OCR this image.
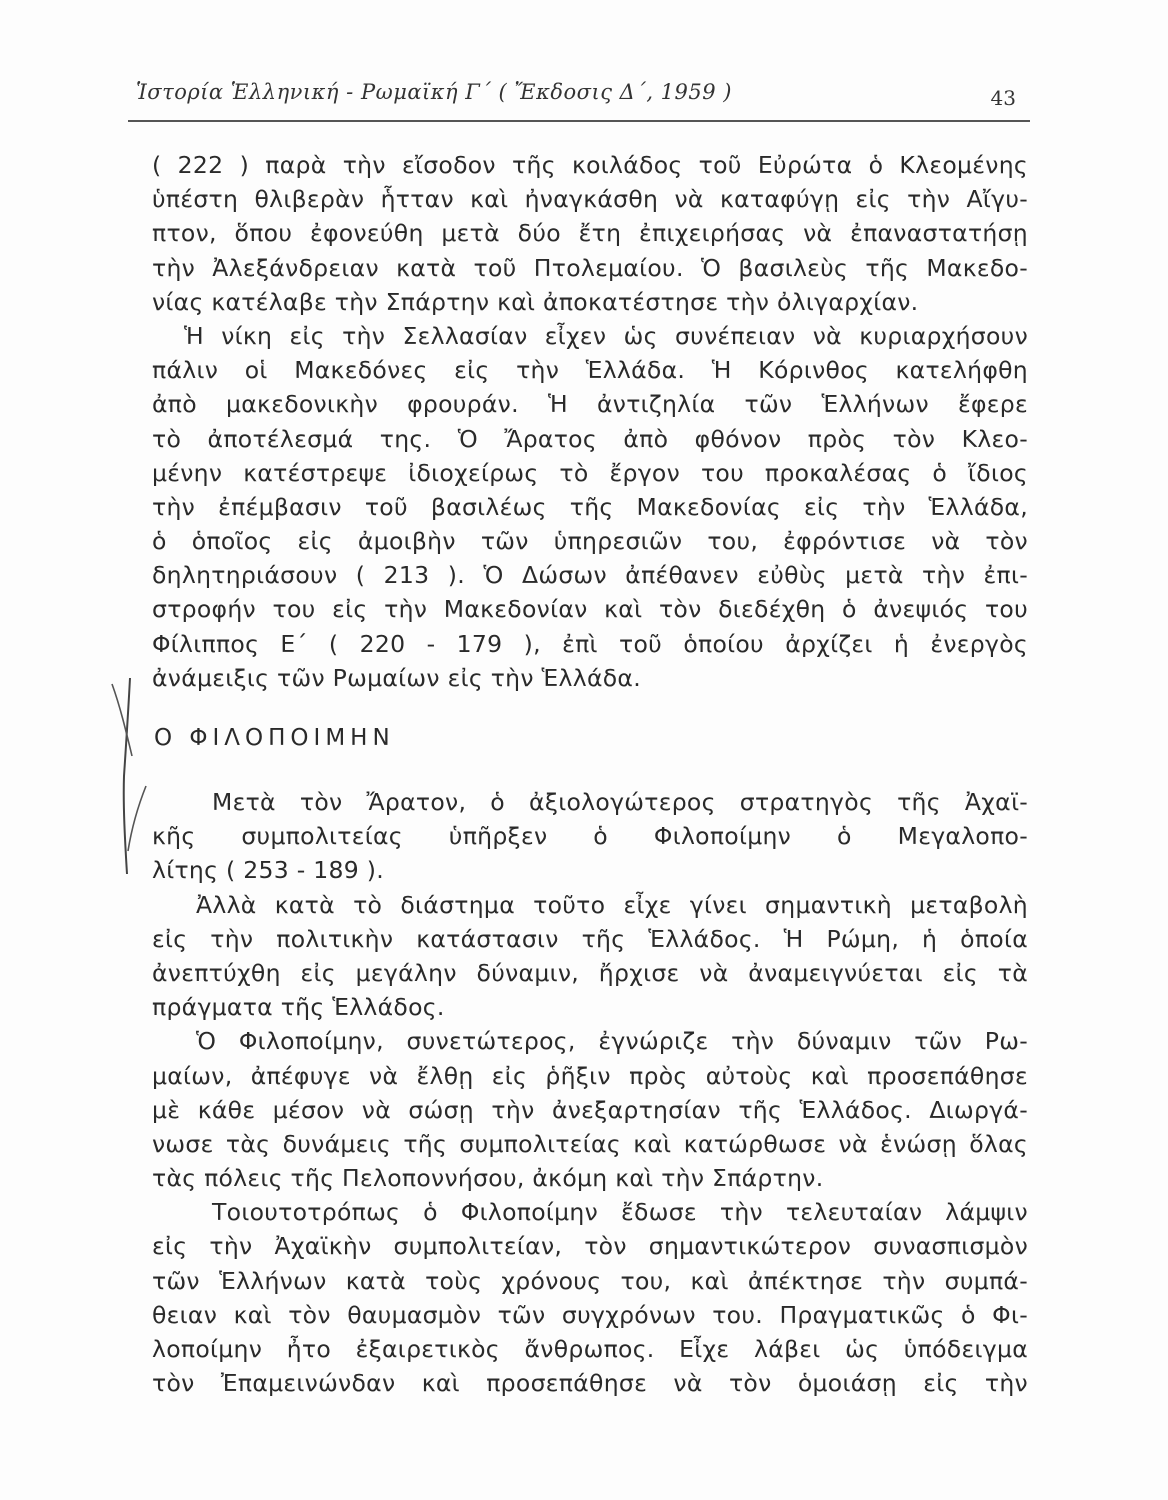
Ἱστορία Ἑλληνική - Ρωμαϊκή Γ΄ ( Ἔκδοσις Δ΄, 1959 )	43
( 222 ) παρὰ τὴν εἴσοδον τῆς κοιλάδος τοῦ Εὐρώτα ὁ Κλεομένης
ὑπέστη θλιβερὰν ἧτταν καὶ ἠναγκάσθη νὰ καταφύγῃ εἰς τὴν Αἴγυ-
πτον, ὅπου ἐφονεύθη μετὰ δύο ἔτη ἐπιχειρήσας νὰ ἐπαναστατήσῃ
τὴν Ἀλεξάνδρειαν κατὰ τοῦ Πτολεμαίου. Ὁ βασιλεὺς τῆς Μακεδο-
νίας κατέλαβε τὴν Σπάρτην καὶ ἀποκατέστησε τὴν ὀλιγαρχίαν.
Ἡ νίκη εἰς τὴν Σελλασίαν εἶχεν ὡς συνέπειαν νὰ κυριαρχήσουν
πάλιν οἱ Μακεδόνες εἰς τὴν Ἑλλάδα. Ἡ Κόρινθος κατελήφθη
ἀπὸ μακεδονικὴν φρουράν. Ἡ ἀντιζηλία τῶν Ἑλλήνων ἔφερε
τὸ ἀποτέλεσμά της. Ὁ Ἄρατος ἀπὸ φθόνον πρὸς τὸν Κλεο-
μένην κατέστρεψε ἰδιοχείρως τὸ ἔργον του προκαλέσας ὁ ἴδιος
τὴν ἐπέμβασιν τοῦ βασιλέως τῆς Μακεδονίας εἰς τὴν Ἑλλάδα,
ὁ ὁποῖος εἰς ἀμοιβὴν τῶν ὑπηρεσιῶν του, ἐφρόντισε νὰ τὸν
δηλητηριάσουν ( 213 ). Ὁ Δώσων ἀπέθανεν εὐθὺς μετὰ τὴν ἐπι-
στροφήν του εἰς τὴν Μακεδονίαν καὶ τὸν διεδέχθη ὁ ἀνεψιός του
Φίλιππος Ε΄ ( 220 - 179 ), ἐπὶ τοῦ ὁποίου ἀρχίζει ἡ ἐνεργὸς
ἀνάμειξις τῶν Ρωμαίων εἰς τὴν Ἑλλάδα.
Ο ΦΙΛΟΠΟΙΜΗΝ
Μετὰ τὸν Ἄρατον, ὁ ἀξιολογώτερος στρατηγὸς τῆς Ἀχαϊ-
κῆς συμπολιτείας ὑπῆρξεν ὁ Φιλοποίμην ὁ Μεγαλοπο-
λίτης ( 253 - 189 ).
Ἀλλὰ κατὰ τὸ διάστημα τοῦτο εἶχε γίνει σημαντικὴ μεταβολὴ
εἰς τὴν πολιτικὴν κατάστασιν τῆς Ἑλλάδος. Ἡ Ρώμη, ἡ ὁποία
ἀνεπτύχθη εἰς μεγάλην δύναμιν, ἤρχισε νὰ ἀναμειγνύεται εἰς τὰ
πράγματα τῆς Ἑλλάδος.
Ὁ Φιλοποίμην, συνετώτερος, ἐγνώριζε τὴν δύναμιν τῶν Ρω-
μαίων, ἀπέφυγε νὰ ἔλθῃ εἰς ῥῆξιν πρὸς αὐτοὺς καὶ προσεπάθησε
μὲ κάθε μέσον νὰ σώσῃ τὴν ἀνεξαρτησίαν τῆς Ἑλλάδος. Διωργά-
νωσε τὰς δυνάμεις τῆς συμπολιτείας καὶ κατώρθωσε νὰ ἑνώσῃ ὅλας
τὰς πόλεις τῆς Πελοποννήσου, ἀκόμη καὶ τὴν Σπάρτην.
Τοιουτοτρόπως ὁ Φιλοποίμην ἔδωσε τὴν τελευταίαν λάμψιν
εἰς τὴν Ἀχαϊκὴν συμπολιτείαν, τὸν σημαντικώτερον συνασπισμὸν
τῶν Ἑλλήνων κατὰ τοὺς χρόνους του, καὶ ἀπέκτησε τὴν συμπά-
θειαν καὶ τὸν θαυμασμὸν τῶν συγχρόνων του. Πραγματικῶς ὁ Φι-
λοποίμην ἦτο ἐξαιρετικὸς ἄνθρωπος. Εἶχε λάβει ὡς ὑπόδειγμα
τὸν Ἐπαμεινώνδαν καὶ προσεπάθησε νὰ τὸν ὁμοιάσῃ εἰς τὴν
